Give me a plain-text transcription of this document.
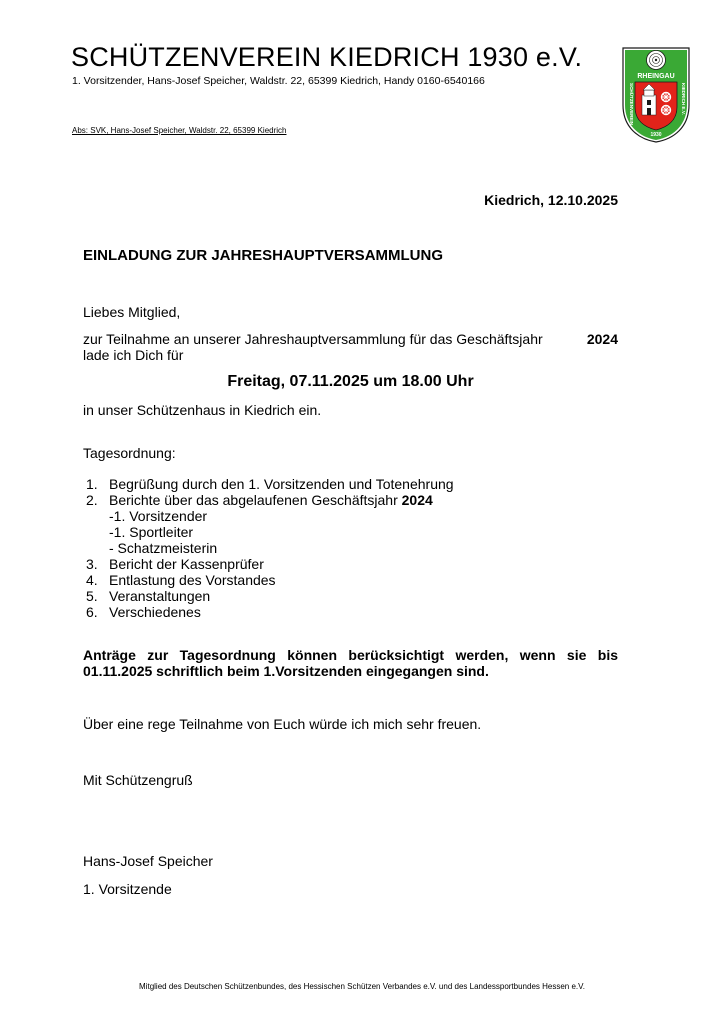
SCHÜTZENVEREIN KIEDRICH 1930 e.V.
1. Vorsitzender, Hans-Josef Speicher, Waldstr. 22, 65399 Kiedrich, Handy 0160-6540166
Abs: SVK, Hans-Josef Speicher, Waldstr. 22, 65399 Kiedrich
RHEINGAU
SCHÜTZENVEREIN	KIEDRICH E.V.
1930
Kiedrich, 12.10.2025
EINLADUNG ZUR JAHRESHAUPTVERSAMMLUNG
Liebes Mitglied,
zur Teilnahme an unserer Jahreshauptversammlung für das Geschäftsjahr	2024
lade ich Dich für
Freitag, 07.11.2025 um 18.00 Uhr
in unser Schützenhaus in Kiedrich ein.
Tagesordnung:
1. Begrüßung durch den 1. Vorsitzenden und Totenehrung
2. Berichte über das abgelaufenen Geschäftsjahr
2024
-1. Vorsitzender
-1. Sportleiter
- Schatzmeisterin
3. Bericht der Kassenprüfer
4. Entlastung des Vorstandes
5. Veranstaltungen
6. Verschiedenes
Anträge zur Tagesordnung können berücksichtigt werden, wenn sie bis 01.11.2025 schriftlich beim 1.Vorsitzenden eingegangen sind.
Über eine rege Teilnahme von Euch würde ich mich sehr freuen.
Mit Schützengruß
Hans-Josef Speicher
1. Vorsitzende
Mitglied des Deutschen Schützenbundes, des Hessischen Schützen Verbandes e.V. und des Landessportbundes Hessen e.V.
